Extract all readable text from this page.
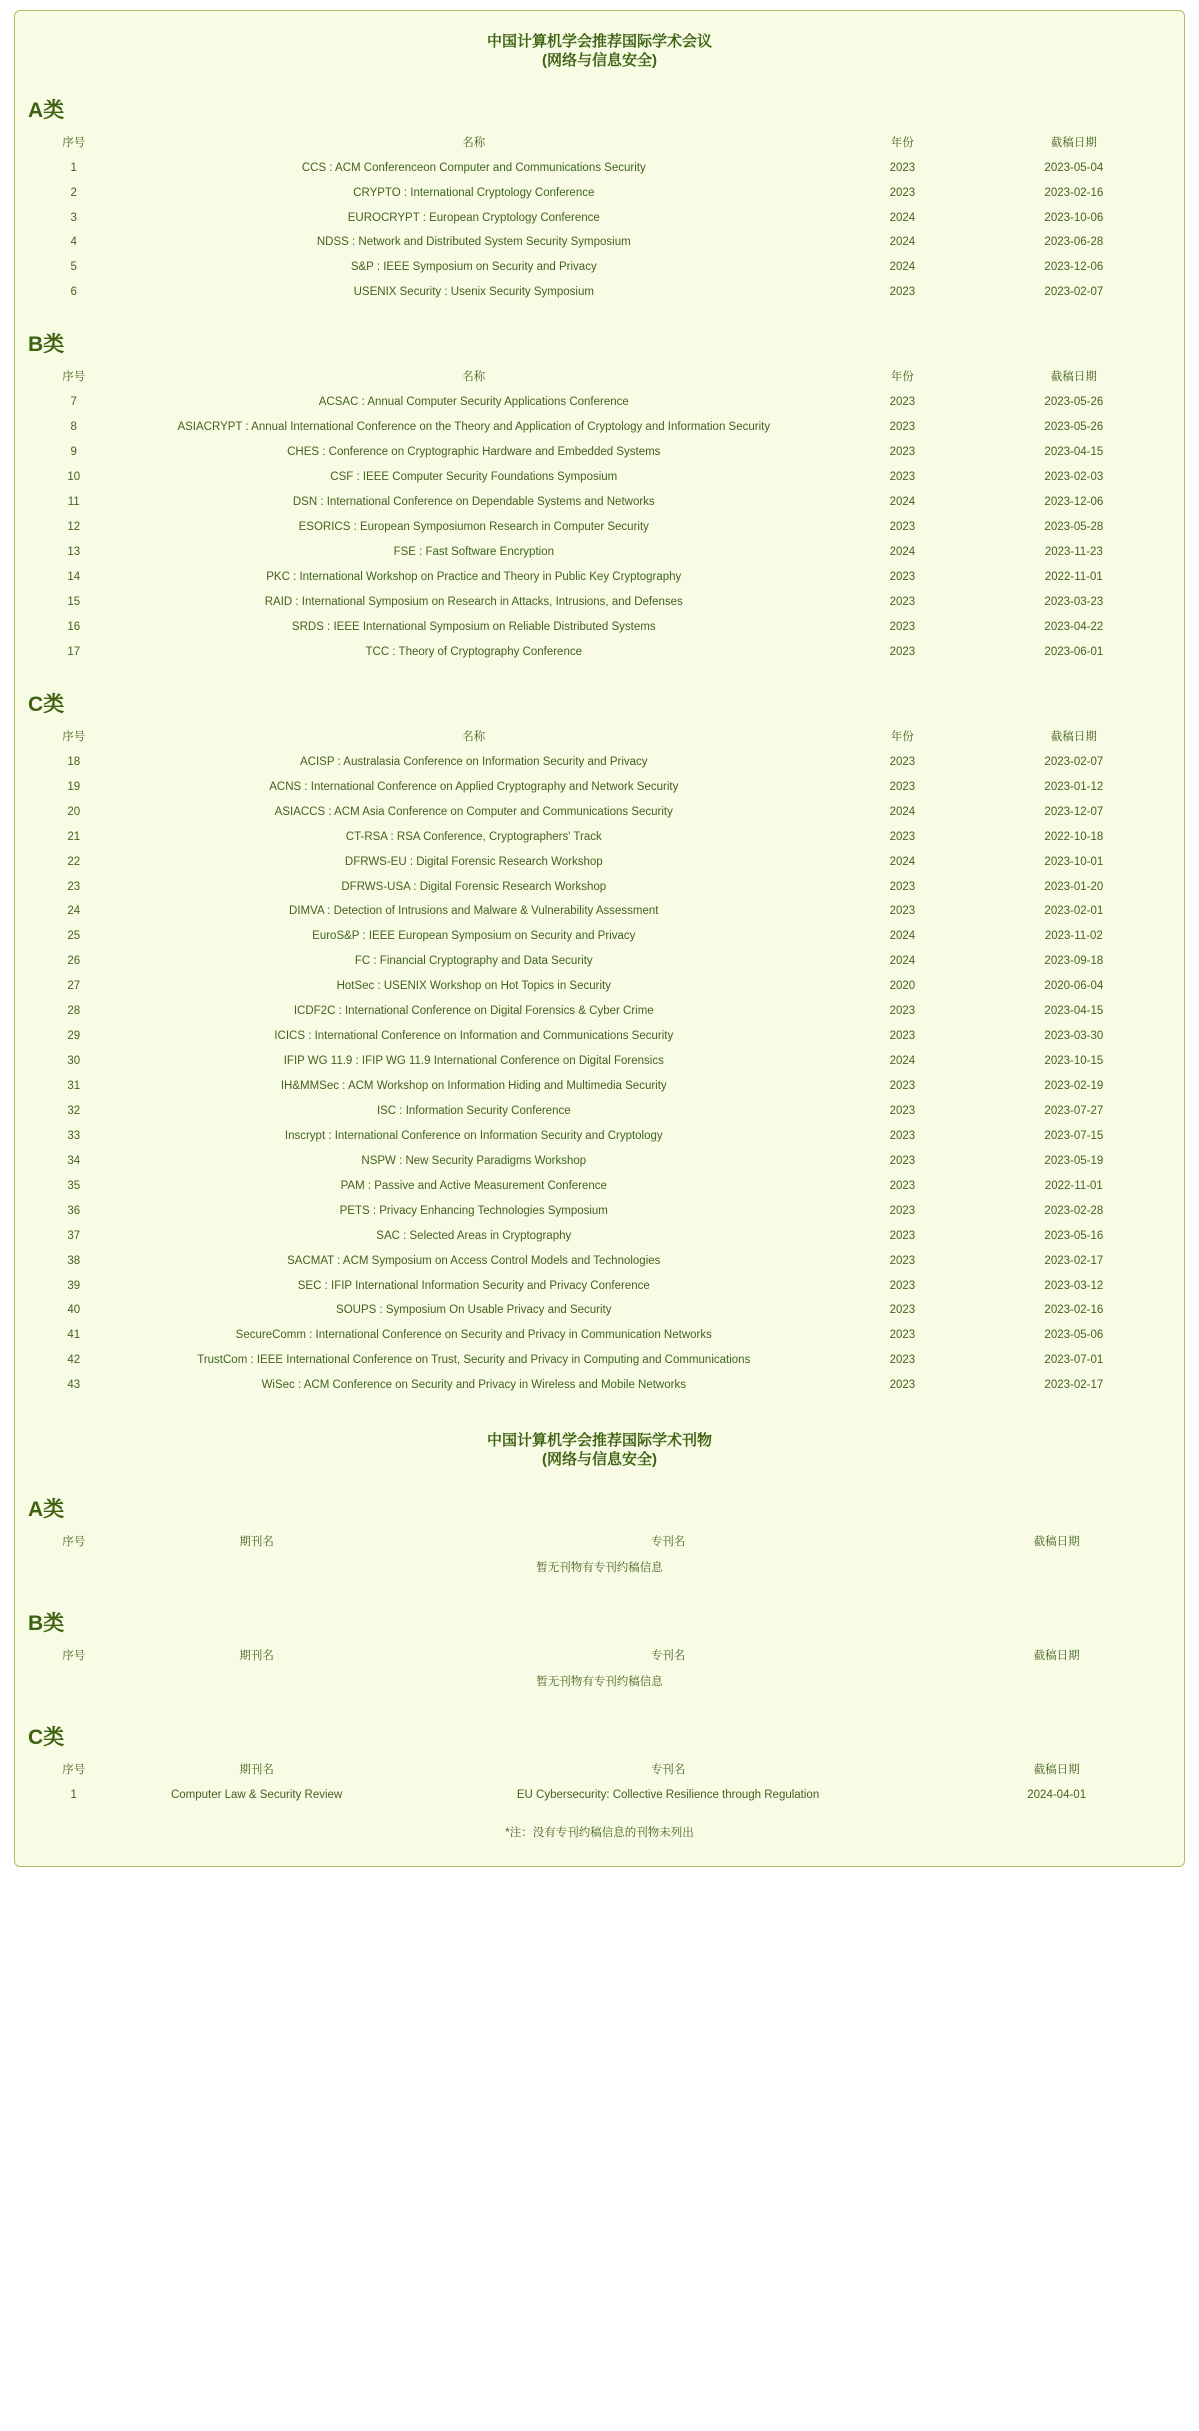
中国计算机学会推荐国际学术会议
(网络与信息安全)
A类
序号	名称	年份	截稿日期
1	CCS : ACM Conferenceon Computer and Communications Security	2023	2023-05-04
2	CRYPTO : International Cryptology Conference	2023	2023-02-16
3	EUROCRYPT : European Cryptology Conference	2024	2023-10-06
4	NDSS : Network and Distributed System Security Symposium	2024	2023-06-28
5	S&P : IEEE Symposium on Security and Privacy	2024	2023-12-06
6	USENIX Security : Usenix Security Symposium	2023	2023-02-07
B类
序号	名称	年份	截稿日期
7	ACSAC : Annual Computer Security Applications Conference	2023	2023-05-26
8	ASIACRYPT : Annual International Conference on the Theory and Application of Cryptology and Information Security	2023	2023-05-26
9	CHES : Conference on Cryptographic Hardware and Embedded Systems	2023	2023-04-15
10	CSF : IEEE Computer Security Foundations Symposium	2023	2023-02-03
11	DSN : International Conference on Dependable Systems and Networks	2024	2023-12-06
12	ESORICS : European Symposiumon Research in Computer Security	2023	2023-05-28
13	FSE : Fast Software Encryption	2024	2023-11-23
14	PKC : International Workshop on Practice and Theory in Public Key Cryptography	2023	2022-11-01
15	RAID : International Symposium on Research in Attacks, Intrusions, and Defenses	2023	2023-03-23
16	SRDS : IEEE International Symposium on Reliable Distributed Systems	2023	2023-04-22
17	TCC : Theory of Cryptography Conference	2023	2023-06-01
C类
序号	名称	年份	截稿日期
18	ACISP : Australasia Conference on Information Security and Privacy	2023	2023-02-07
19	ACNS : International Conference on Applied Cryptography and Network Security	2023	2023-01-12
20	ASIACCS : ACM Asia Conference on Computer and Communications Security	2024	2023-12-07
21	CT-RSA : RSA Conference, Cryptographers' Track	2023	2022-10-18
22	DFRWS-EU : Digital Forensic Research Workshop	2024	2023-10-01
23	DFRWS-USA : Digital Forensic Research Workshop	2023	2023-01-20
24	DIMVA : Detection of Intrusions and Malware & Vulnerability Assessment	2023	2023-02-01
25	EuroS&P : IEEE European Symposium on Security and Privacy	2024	2023-11-02
26	FC : Financial Cryptography and Data Security	2024	2023-09-18
27	HotSec : USENIX Workshop on Hot Topics in Security	2020	2020-06-04
28	ICDF2C : International Conference on Digital Forensics & Cyber Crime	2023	2023-04-15
29	ICICS : International Conference on Information and Communications Security	2023	2023-03-30
30	IFIP WG 11.9 : IFIP WG 11.9 International Conference on Digital Forensics	2024	2023-10-15
31	IH&MMSec : ACM Workshop on Information Hiding and Multimedia Security	2023	2023-02-19
32	ISC : Information Security Conference	2023	2023-07-27
33	Inscrypt : International Conference on Information Security and Cryptology	2023	2023-07-15
34	NSPW : New Security Paradigms Workshop	2023	2023-05-19
35	PAM : Passive and Active Measurement Conference	2023	2022-11-01
36	PETS : Privacy Enhancing Technologies Symposium	2023	2023-02-28
37	SAC : Selected Areas in Cryptography	2023	2023-05-16
38	SACMAT : ACM Symposium on Access Control Models and Technologies	2023	2023-02-17
39	SEC : IFIP International Information Security and Privacy Conference	2023	2023-03-12
40	SOUPS : Symposium On Usable Privacy and Security	2023	2023-02-16
41	SecureComm : International Conference on Security and Privacy in Communication Networks	2023	2023-05-06
42	TrustCom : IEEE International Conference on Trust, Security and Privacy in Computing and Communications	2023	2023-07-01
43	WiSec : ACM Conference on Security and Privacy in Wireless and Mobile Networks	2023	2023-02-17
中国计算机学会推荐国际学术刊物
(网络与信息安全)
A类
序号	期刊名	专刊名	截稿日期
暂无刊物有专刊约稿信息
B类
序号	期刊名	专刊名	截稿日期
暂无刊物有专刊约稿信息
C类
序号	期刊名	专刊名	截稿日期
1	Computer Law & Security Review	EU Cybersecurity: Collective Resilience through Regulation	2024-04-01
*注：没有专刊约稿信息的刊物未列出
